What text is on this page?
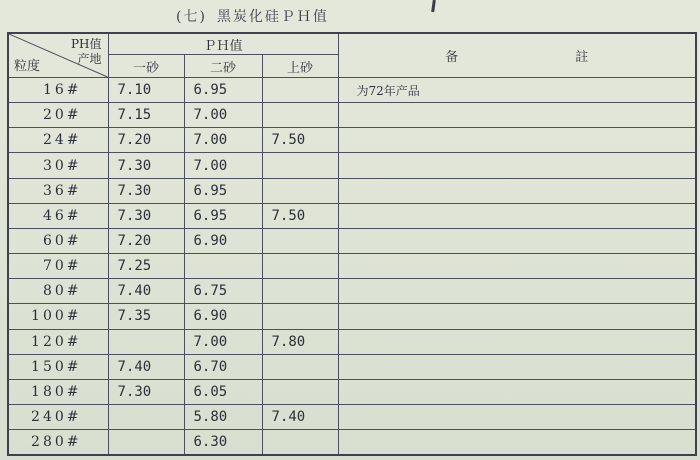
(七) 黑炭化硅ＰＨ值
PH值
产地
粒度	ＰＨ值			备　　　　　　　　　註
	一砂	二砂	上砂	
16#	7.10	6.95		为72年产品
20#	7.15	7.00		
24#	7.20	7.00	7.50	
30#	7.30	7.00		
36#	7.30	6.95		
46#	7.30	6.95	7.50	
60#	7.20	6.90		
70#	7.25			
80#	7.40	6.75		
100#	7.35	6.90		
120#		7.00	7.80	
150#	7.40	6.70		
180#	7.30	6.05		
240#		5.80	7.40	
280#		6.30		
